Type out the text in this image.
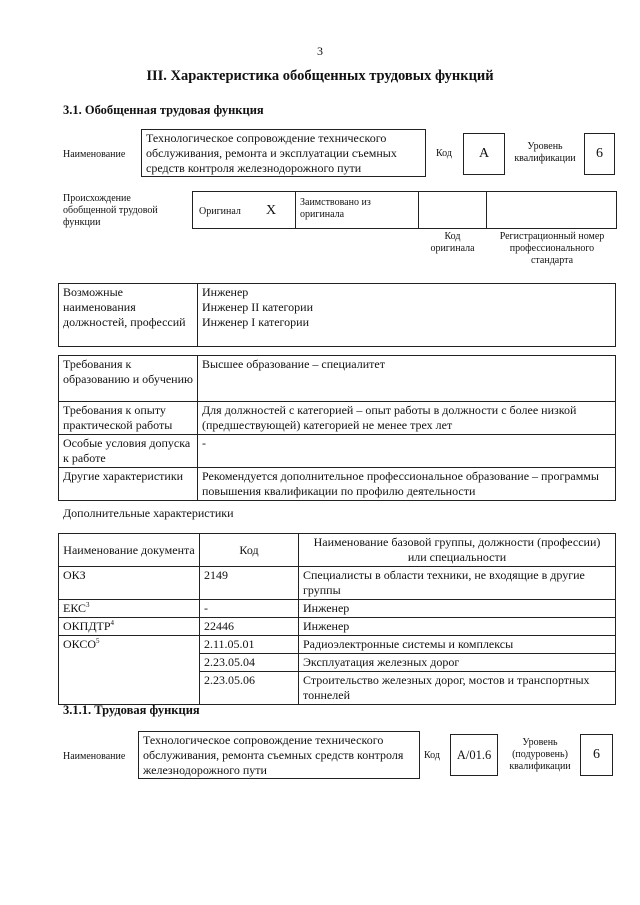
3
III. Характеристика обобщенных трудовых функций
3.1. Обобщенная трудовая функция
Наименование
Технологическое сопровождение технического обслуживания, ремонта и эксплуатации съемных средств контроля железнодорожного пути
Код	А	Уровень квалификации	6
Происхождение обобщенной трудовой функции
Оригинал X
Заимствовано из оригинала
Код оригинала
Регистрационный номер профессионального стандарта
Возможные наименования должностей, профессий	
Инженер
Инженер II категории
Инженер I категории
Требования к образованию и обучению	Высшее образование – специалитет
Требования к опыту практической работы	Для должностей с категорией – опыт работы в должности с более низкой (предшествующей) категорией не менее трех лет
Особые условия допуска к работе	-
Другие характеристики	Рекомендуется дополнительное профессиональное образование – программы повышения квалификации по профилю деятельности
Дополнительные характеристики
Наименование документа	Код	Наименование базовой группы, должности (профессии) или специальности
ОКЗ	2149	Специалисты в области техники, не входящие в другие группы
ЕКС$^3$	-	Инженер
ОКПДТР$^4$	22446	Инженер
ОКСО$^5$	2.11.05.01	Радиоэлектронные системы и комплексы
	2.23.05.04	Эксплуатация железных дорог
	2.23.05.06	Строительство железных дорог, мостов и транспортных тоннелей
3.1.1. Трудовая функция
Наименование
Технологическое сопровождение технического обслуживания, ремонта съемных средств контроля железнодорожного пути
Код	А/01.6
Уровень (подуровень) квалификации
6
